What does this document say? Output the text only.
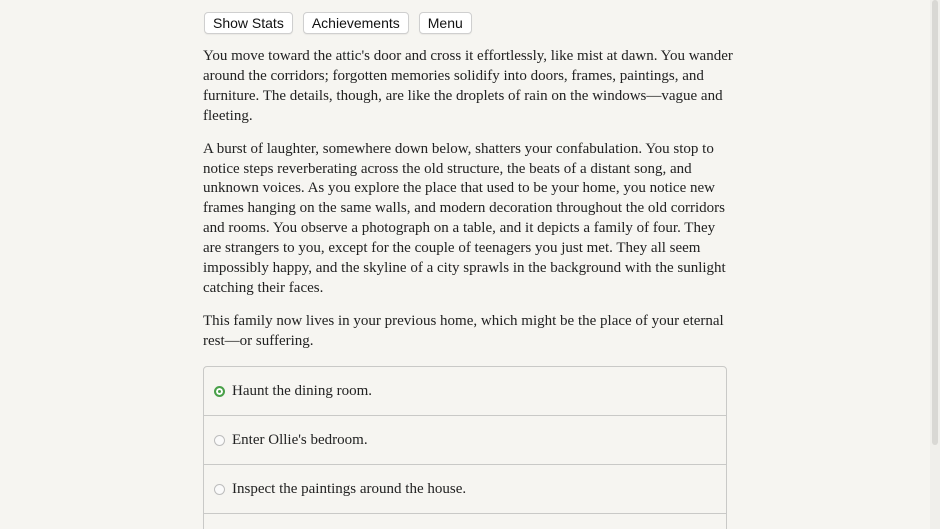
Show Stats	Achievements	Menu

You move toward the attic's door and cross it effortlessly, like mist at dawn. You wander around the corridors; forgotten memories solidify into doors, frames, paintings, and furniture. The details, though, are like the droplets of rain on the windows—vague and fleeting.

A burst of laughter, somewhere down below, shatters your confabulation. You stop to notice steps reverberating across the old structure, the beats of a distant song, and unknown voices. As you explore the place that used to be your home, you notice new frames hanging on the same walls, and modern decoration throughout the old corridors and rooms. You observe a photograph on a table, and it depicts a family of four. They are strangers to you, except for the couple of teenagers you just met. They all seem impossibly happy, and the skyline of a city sprawls in the background with the sunlight catching their faces.

This family now lives in your previous home, which might be the place of your eternal rest—or suffering.

Haunt the dining room.
Enter Ollie's bedroom.
Inspect the paintings around the house.
